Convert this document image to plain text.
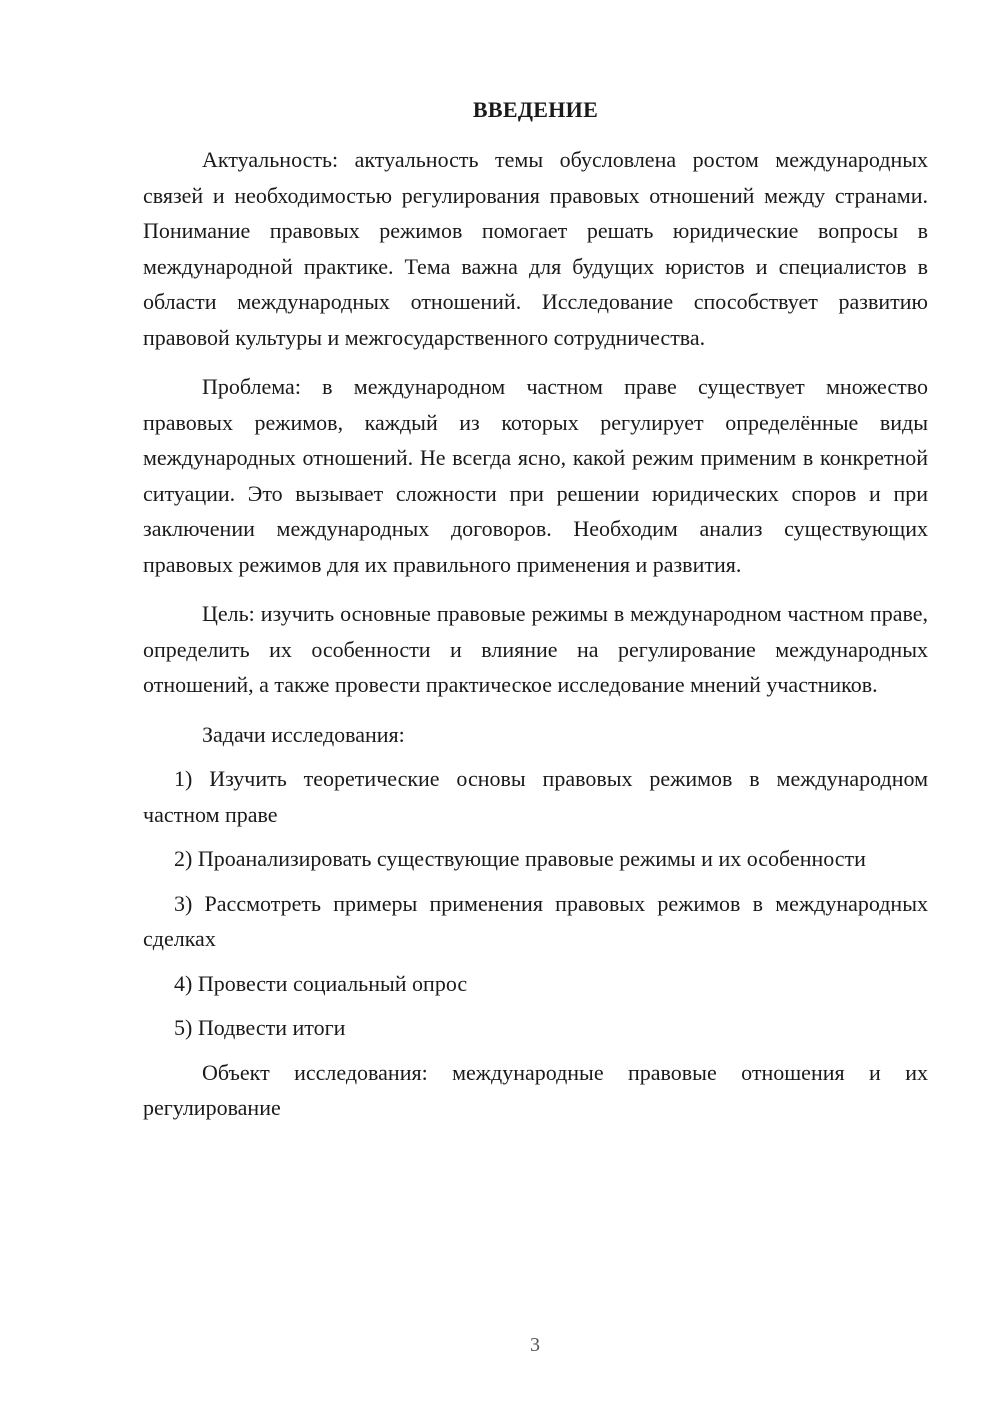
ВВЕДЕНИЕ

Актуальность: актуальность темы обусловлена ростом международных связей и необходимостью регулирования правовых отношений между странами. Понимание правовых режимов помогает решать юридические вопросы в международной практике. Тема важна для будущих юристов и специалистов в области международных отношений. Исследование способствует развитию правовой культуры и межгосударственного сотрудничества.

Проблема: в международном частном праве существует множество правовых режимов, каждый из которых регулирует определённые виды международных отношений. Не всегда ясно, какой режим применим в конкретной ситуации. Это вызывает сложности при решении юридических споров и при заключении международных договоров. Необходим анализ существующих правовых режимов для их правильного применения и развития.

Цель: изучить основные правовые режимы в международном частном праве, определить их особенности и влияние на регулирование международных отношений, а также провести практическое исследование мнений участников.

Задачи исследования:

1) Изучить теоретические основы правовых режимов в международном частном праве

2) Проанализировать существующие правовые режимы и их особенности

3) Рассмотреть примеры применения правовых режимов в международных сделках

4) Провести социальный опрос

5) Подвести итоги

Объект исследования: международные правовые отношения и их регулирование

3
